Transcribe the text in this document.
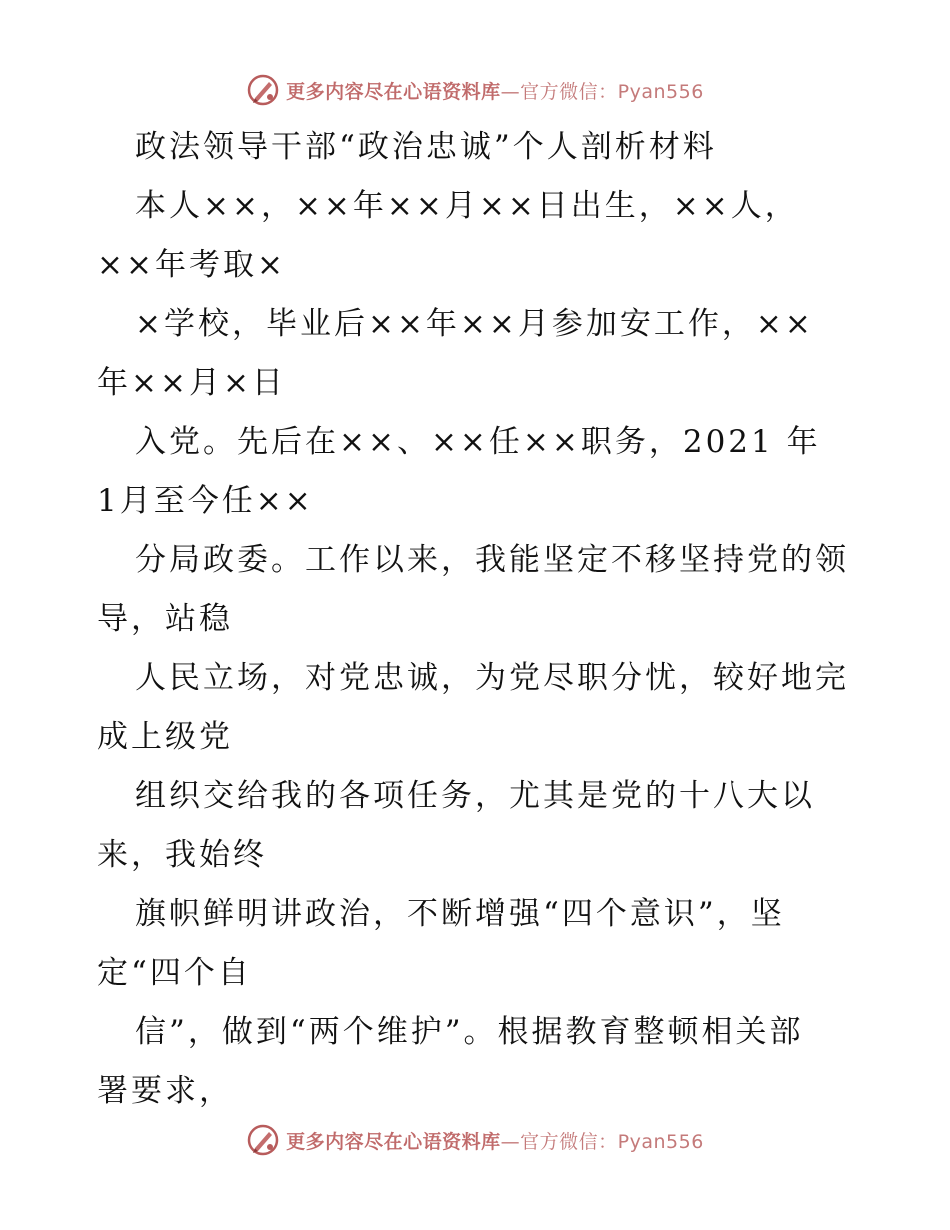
更多内容尽在心语资料库—官方微信：Pyan556
政法领导干部“政治忠诚”个人剖析材料
本人××，××年××月××日出生，××人，
××年考取×
×学校，毕业后××年××月参加安工作，××
年××月×日
入党。先后在××、××任××职务，2021 年
1月至今任××
分局政委。工作以来，我能坚定不移坚持党的领
导，站稳
人民立场，对党忠诚，为党尽职分忧，较好地完
成上级党
组织交给我的各项任务，尤其是党的十八大以
来，我始终
旗帜鲜明讲政治，不断增强“四个意识”，坚
定“四个自
信”，做到“两个维护”。根据教育整顿相关部
署要求，
更多内容尽在心语资料库—官方微信：Pyan556
